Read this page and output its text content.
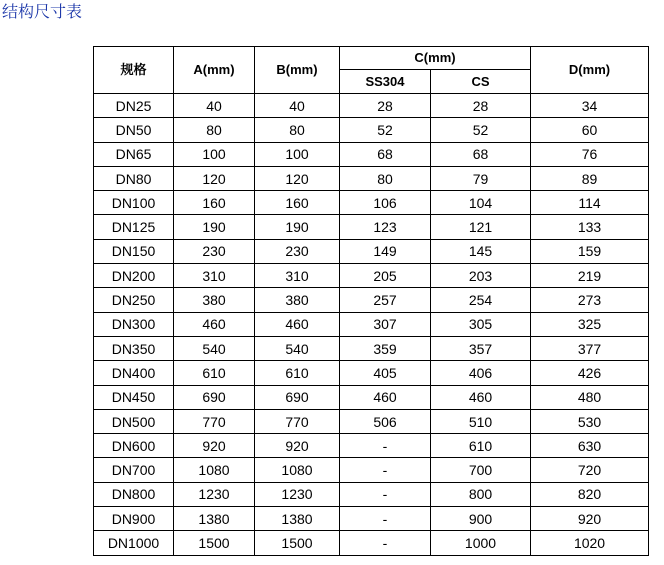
结构尺寸表
规格	A(mm)	B(mm)	C(mm)		D(mm)
			SS304	CS	
DN25	40	40	28	28	34
DN50	80	80	52	52	60
DN65	100	100	68	68	76
DN80	120	120	80	79	89
DN100	160	160	106	104	114
DN125	190	190	123	121	133
DN150	230	230	149	145	159
DN200	310	310	205	203	219
DN250	380	380	257	254	273
DN300	460	460	307	305	325
DN350	540	540	359	357	377
DN400	610	610	405	406	426
DN450	690	690	460	460	480
DN500	770	770	506	510	530
DN600	920	920	-	610	630
DN700	1080	1080	-	700	720
DN800	1230	1230	-	800	820
DN900	1380	1380	-	900	920
DN1000	1500	1500	-	1000	1020
